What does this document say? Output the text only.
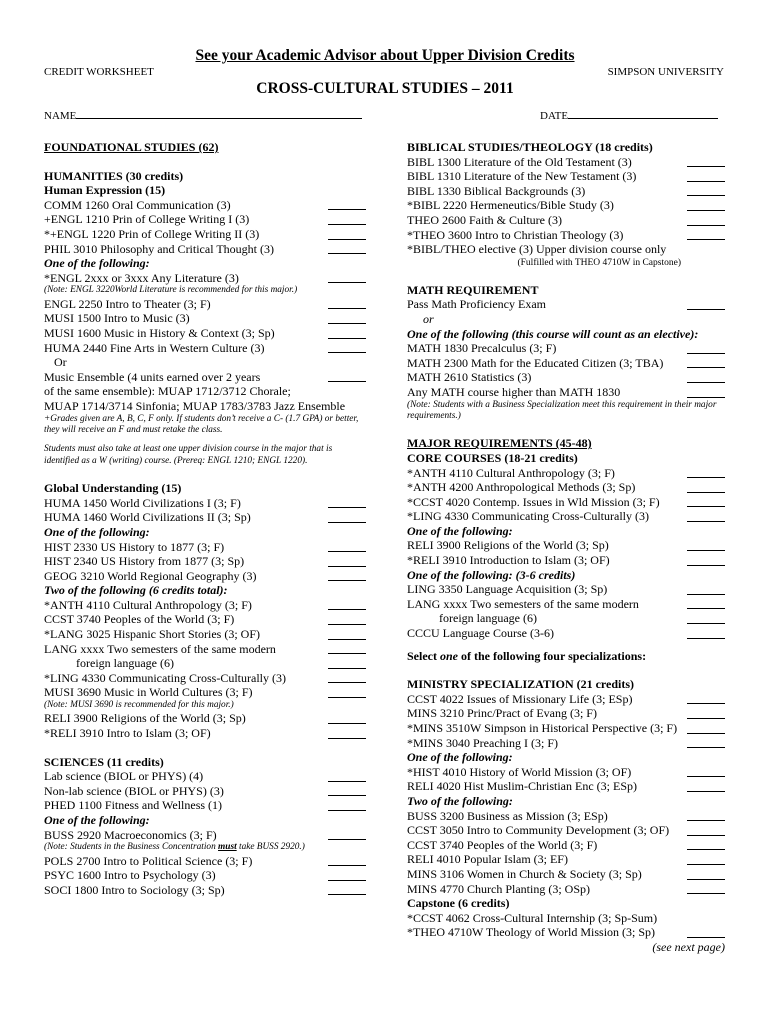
See your Academic Advisor about Upper Division Credits
CREDIT WORKSHEET	SIMPSON UNIVERSITY
CROSS-CULTURAL STUDIES – 2011
NAME	DATE
FOUNDATIONAL STUDIES (62)
HUMANITIES (30 credits)
Human Expression (15)
COMM 1260 Oral Communication (3)
+ENGL 1210 Prin of College Writing I (3)
*+ENGL 1220 Prin of College Writing II (3)
PHIL 3010 Philosophy and Critical Thought (3)
One of the following:
*ENGL 2xxx or 3xxx Any Literature (3)
(Note: ENGL 3220World Literature is recommended for this major.)
ENGL 2250 Intro to Theater (3; F)
MUSI 1500 Intro to Music (3)
MUSI 1600 Music in History & Context (3; Sp)
HUMA 2440 Fine Arts in Western Culture (3)
Or
Music Ensemble (4 units earned over 2 years
of the same ensemble): MUAP 1712/3712 Chorale;
MUAP 1714/3714 Sinfonia; MUAP 1783/3783 Jazz Ensemble
+Grades given are A, B, C, F only. If students don’t receive a C- (1.7 GPA) or better, they will receive an F and must retake the class.
Students must also take at least one upper division course in the major that is identified as a W (writing) course. (Prereq: ENGL 1210; ENGL 1220).
Global Understanding (15)
HUMA 1450 World Civilizations I (3; F)
HUMA 1460 World Civilizations II (3; Sp)
One of the following:
HIST 2330 US History to 1877 (3; F)
HIST 2340 US History from 1877 (3; Sp)
GEOG 3210 World Regional Geography (3)
Two of the following (6 credits total):
*ANTH 4110 Cultural Anthropology (3; F)
CCST 3740 Peoples of the World (3; F)
*LANG 3025 Hispanic Short Stories (3; OF)
LANG xxxx Two semesters of the same modern
foreign language (6)
*LING 4330 Communicating Cross-Culturally (3)
MUSI 3690 Music in World Cultures (3; F)
(Note: MUSI 3690 is recommended for this major.)
RELI 3900 Religions of the World (3; Sp)
*RELI 3910 Intro to Islam (3; OF)
SCIENCES (11 credits)
Lab science (BIOL or PHYS) (4)
Non-lab science (BIOL or PHYS) (3)
PHED 1100 Fitness and Wellness (1)
One of the following:
BUSS 2920 Macroeconomics (3; F)
(Note: Students in the Business Concentration must take BUSS 2920.)
POLS 2700 Intro to Political Science (3; F)
PSYC 1600 Intro to Psychology (3)
SOCI 1800 Intro to Sociology (3; Sp)
BIBLICAL STUDIES/THEOLOGY (18 credits)
BIBL 1300 Literature of the Old Testament (3)
BIBL 1310 Literature of the New Testament (3)
BIBL 1330 Biblical Backgrounds (3)
*BIBL 2220 Hermeneutics/Bible Study (3)
THEO 2600 Faith & Culture (3)
*THEO 3600 Intro to Christian Theology (3)
*BIBL/THEO elective (3) Upper division course only
(Fulfilled with THEO 4710W in Capstone)
MATH REQUIREMENT
Pass Math Proficiency Exam
or
One of the following (this course will count as an elective):
MATH 1830 Precalculus (3; F)
MATH 2300 Math for the Educated Citizen (3; TBA)
MATH 2610 Statistics (3)
Any MATH course higher than MATH 1830
(Note: Students with a Business Specialization meet this requirement in their major requirements.)
MAJOR REQUIREMENTS (45-48)
CORE COURSES (18-21 credits)
*ANTH 4110 Cultural Anthropology (3; F)
*ANTH 4200 Anthropological Methods (3; Sp)
*CCST 4020 Contemp. Issues in Wld Mission (3; F)
*LING 4330 Communicating Cross-Culturally (3)
One of the following:
RELI 3900 Religions of the World (3; Sp)
*RELI 3910 Introduction to Islam (3; OF)
One of the following: (3-6 credits)
LING 3350 Language Acquisition (3; Sp)
LANG xxxx Two semesters of the same modern
foreign language (6)
CCCU Language Course (3-6)
Select one of the following four specializations:
MINISTRY SPECIALIZATION (21 credits)
CCST 4022 Issues of Missionary Life (3; ESp)
MINS 3210 Princ/Pract of Evang (3; F)
*MINS 3510W Simpson in Historical Perspective (3; F)
*MINS 3040 Preaching I (3; F)
One of the following:
*HIST 4010 History of World Mission (3; OF)
RELI 4020 Hist Muslim-Christian Enc (3; ESp)
Two of the following:
BUSS 3200 Business as Mission (3; ESp)
CCST 3050 Intro to Community Development (3; OF)
CCST 3740 Peoples of the World (3; F)
RELI 4010 Popular Islam (3; EF)
MINS 3106 Women in Church & Society (3; Sp)
MINS 4770 Church Planting (3; OSp)
Capstone (6 credits)
*CCST 4062 Cross-Cultural Internship (3; Sp-Sum)
*THEO 4710W Theology of World Mission (3; Sp)
(see next page)
